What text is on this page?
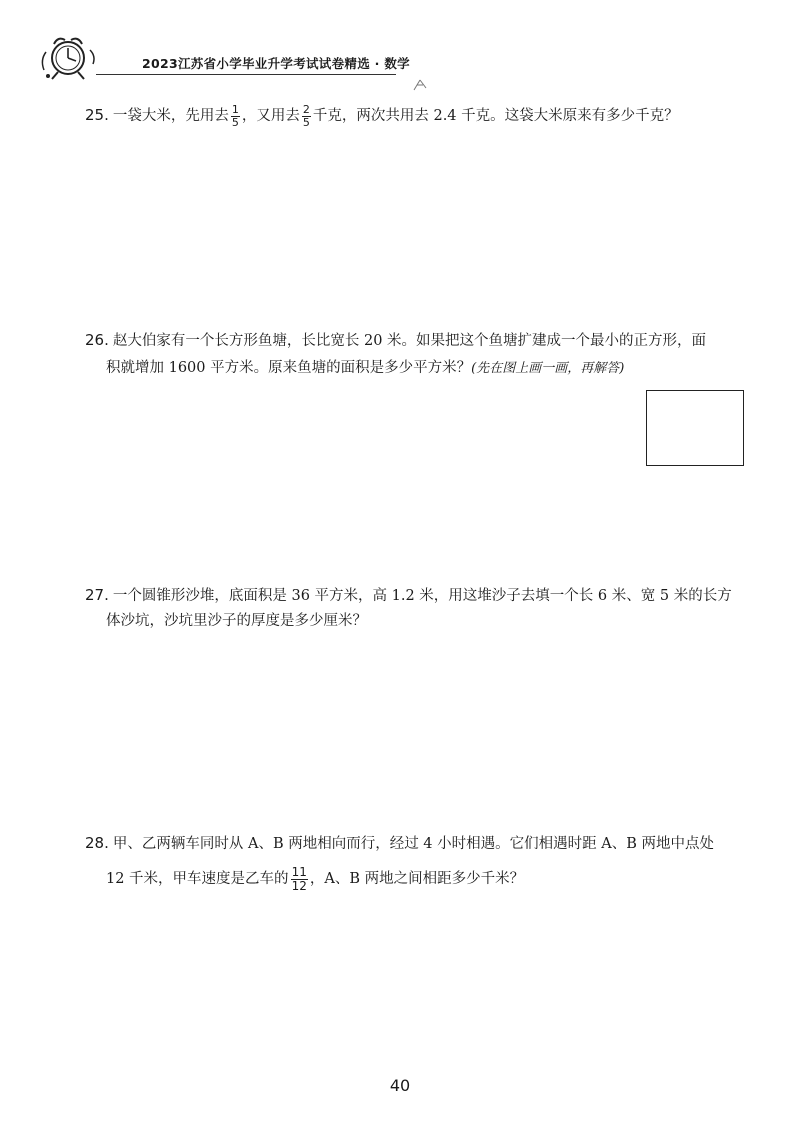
2023江苏省小学毕业升学考试试卷精选 · 数学
25. 一袋大米，先用去 $\frac{1}{5}$ ，又用去 $\frac{2}{5}$ 千克，两次共用去 2.4 千克。这袋大米原来有多少千克？
26. 赵大伯家有一个长方形鱼塘，长比宽长 20 米。如果把这个鱼塘扩建成一个最小的正方形，面
积就增加 1600 平方米。原来鱼塘的面积是多少平方米？(先在图上画一画，再解答)
27. 一个圆锥形沙堆，底面积是 36 平方米，高 1.2 米，用这堆沙子去填一个长 6 米、宽 5 米的长方
体沙坑，沙坑里沙子的厚度是多少厘米？
28. 甲、乙两辆车同时从 A、B 两地相向而行，经过 4 小时相遇。它们相遇时距 A、B 两地中点处
12 千米，甲车速度是乙车的 $\frac{11}{12}$ ，A、B 两地之间相距多少千米？
40
